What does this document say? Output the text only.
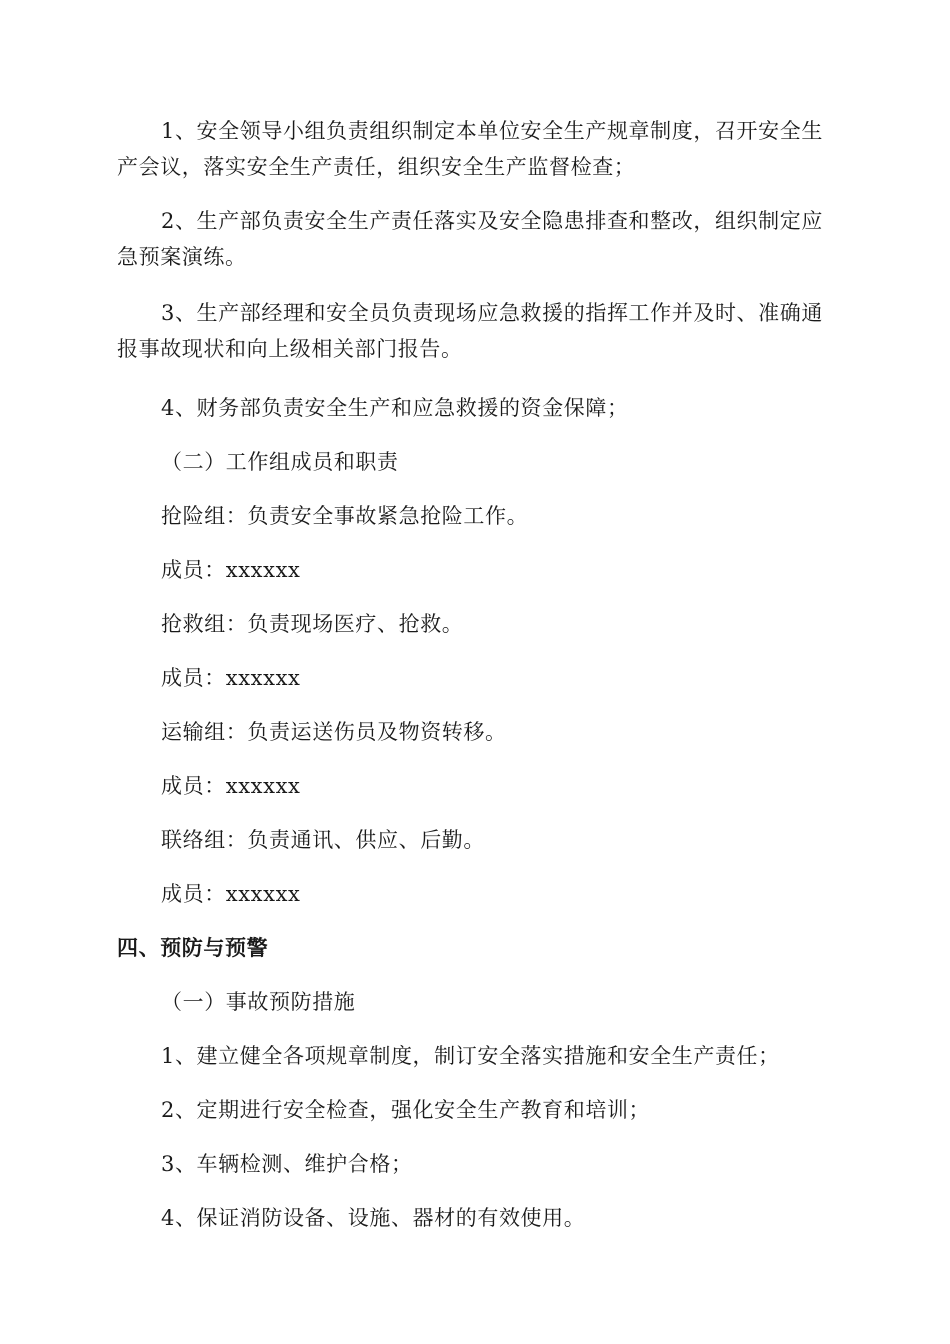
1、安全领导小组负责组织制定本单位安全生产规章制度，召开安全生产会议，落实安全生产责任，组织安全生产监督检查；
2、生产部负责安全生产责任落实及安全隐患排查和整改，组织制定应急预案演练。
3、生产部经理和安全员负责现场应急救援的指挥工作并及时、准确通报事故现状和向上级相关部门报告。
4、财务部负责安全生产和应急救援的资金保障；
（二）工作组成员和职责
抢险组：负责安全事故紧急抢险工作。
成员：xxxxxx
抢救组：负责现场医疗、抢救。
成员：xxxxxx
运输组：负责运送伤员及物资转移。
成员：xxxxxx
联络组：负责通讯、供应、后勤。
成员：xxxxxx
四、预防与预警
（一）事故预防措施
1、建立健全各项规章制度，制订安全落实措施和安全生产责任；
2、定期进行安全检查，强化安全生产教育和培训；
3、车辆检测、维护合格；
4、保证消防设备、设施、器材的有效使用。
